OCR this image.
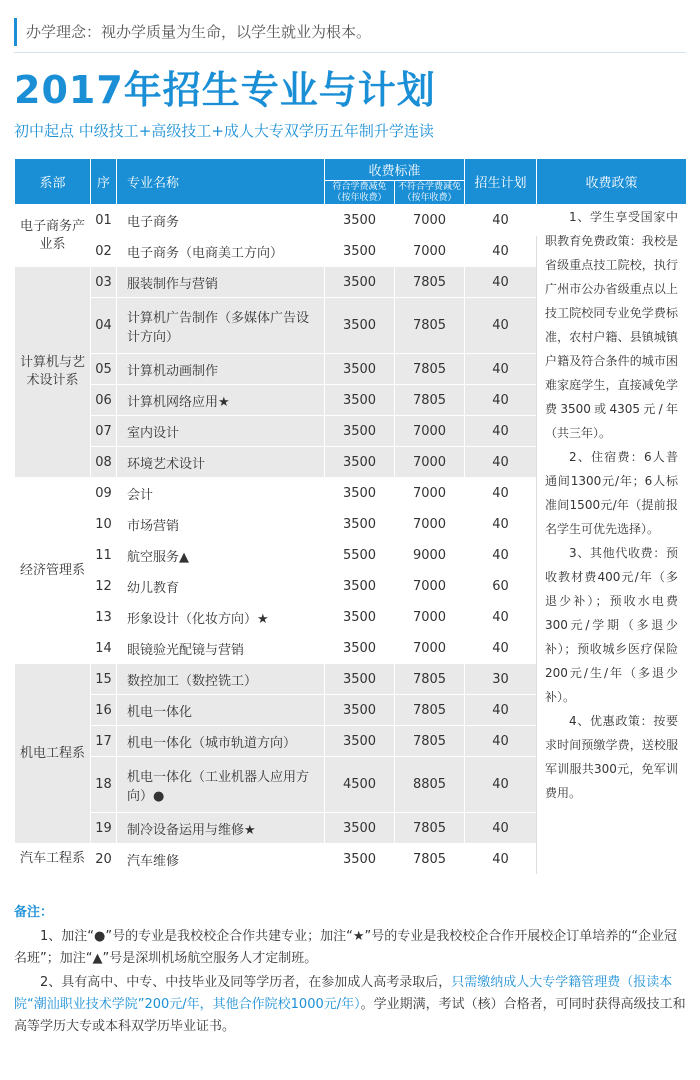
办学理念：视办学质量为生命，以学生就业为根本。
2017年招生专业与计划
初中起点 中级技工+高级技工+成人大专双学历五年制升学连读
系部	序	专业名称	收费标准		招生计划	收费政策

			符合学费减免（按年收费）	不符合学费减免（按年收费）		

电子商务产业系	01	电子商务	3500	7000	40	1、学生享受国家中职教育免费政策：我校是省级重点技工院校，执行广州市公办省级重点以上技工院校同专业免学费标准，农村户籍、县镇城镇户籍及符合条件的城市困难家庭学生，直接减免学费3500或4305元/年（共三年）。

2、住宿费：6人普通间1300元/年；6人标准间1500元/年（提前报名学生可优先选择）。

3、其他代收费：预收教材费400元/年（多退少补）；预收水电费300元/学期（多退少补）；预收城乡医疗保险200元/生/年（多退少补）。

4、优惠政策：按要求时间预缴学费，送校服军训服共300元，免军训费用。

	02	电子商务（电商美工方向）	3500	7000	40	
计算机与艺术设计系	03	服装制作与营销	3500	7805	40	
	04	计算机广告制作（多媒体广告设计方向）	3500	7805	40	
	05	计算机动画制作	3500	7805	40	
	06	计算机网络应用★	3500	7805	40	
	07	室内设计	3500	7000	40	
	08	环境艺术设计	3500	7000	40	
经济管理系	09	会计	3500	7000	40	
	10	市场营销	3500	7000	40	
	11	航空服务▲	5500	9000	40	
	12	幼儿教育	3500	7000	60	
	13	形象设计（化妆方向）★	3500	7000	40	
	14	眼镜验光配镜与营销	3500	7000	40	
机电工程系	15	数控加工（数控铣工）	3500	7805	30	
	16	机电一体化	3500	7805	40	
	17	机电一体化（城市轨道方向）	3500	7805	40	
	18	机电一体化（工业机器人应用方向）●	4500	8805	40	
	19	制冷设备运用与维修★	3500	7805	40	
汽车工程系	20	汽车维修	3500	7805	40	
备注：

1、加注“●”号的专业是我校校企合作共建专业；加注“★”号的专业是我校校企合作开展校企订单培养的“企业冠名班”；加注“▲”号是深圳机场航空服务人才定制班。

2、具有高中、中专、中技毕业及同等学历者，在参加成人高考录取后，只需缴纳成人大专学籍管理费（报读本院“潮汕职业技术学院”200元/年，其他合作院校1000元/年）。学业期满，考试（核）合格者，可同时获得高级技工和高等学历大专或本科双学历毕业证书。
